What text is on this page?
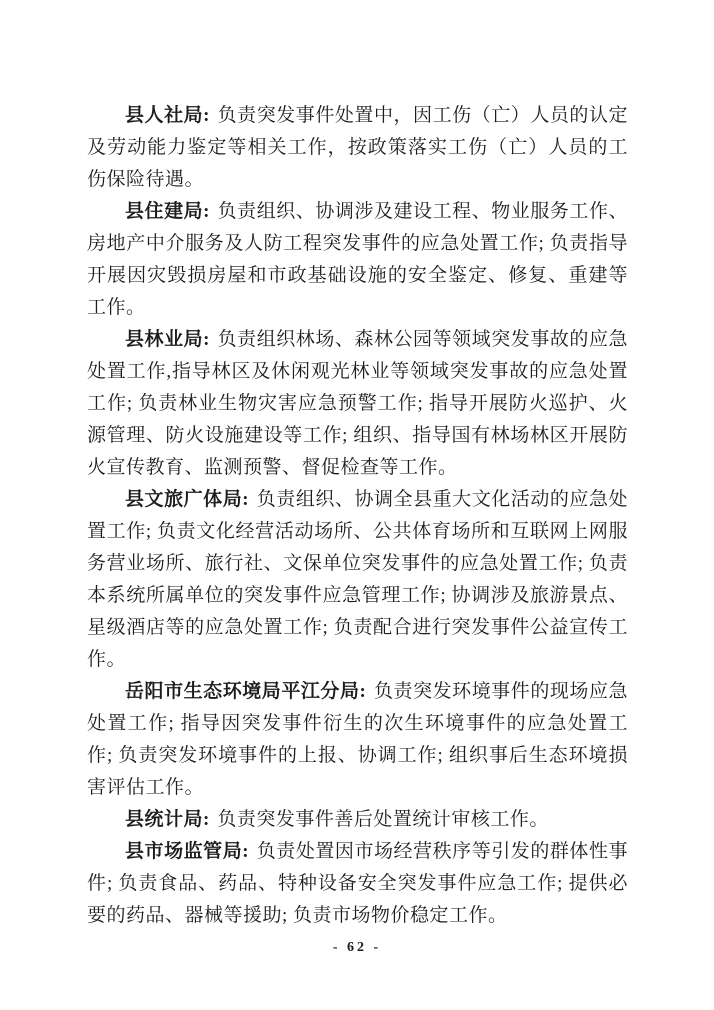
县人社局: 负责突发事件处置中，因工伤（亡）人员的认定及劳动能力鉴定等相关工作，按政策落实工伤（亡）人员的工伤保险待遇。

县住建局: 负责组织、协调涉及建设工程、物业服务工作、房地产中介服务及人防工程突发事件的应急处置工作; 负责指导开展因灾毁损房屋和市政基础设施的安全鉴定、修复、重建等工作。

县林业局: 负责组织林场、森林公园等领域突发事故的应急处置工作,指导林区及休闲观光林业等领域突发事故的应急处置工作; 负责林业生物灾害应急预警工作; 指导开展防火巡护、火源管理、防火设施建设等工作; 组织、指导国有林场林区开展防火宣传教育、监测预警、督促检查等工作。

县文旅广体局: 负责组织、协调全县重大文化活动的应急处置工作; 负责文化经营活动场所、公共体育场所和互联网上网服务营业场所、旅行社、文保单位突发事件的应急处置工作; 负责本系统所属单位的突发事件应急管理工作; 协调涉及旅游景点、星级酒店等的应急处置工作; 负责配合进行突发事件公益宣传工作。

岳阳市生态环境局平江分局: 负责突发环境事件的现场应急处置工作; 指导因突发事件衍生的次生环境事件的应急处置工作; 负责突发环境事件的上报、协调工作; 组织事后生态环境损害评估工作。

县统计局: 负责突发事件善后处置统计审核工作。

县市场监管局: 负责处置因市场经营秩序等引发的群体性事件; 负责食品、药品、特种设备安全突发事件应急工作; 提供必要的药品、器械等援助; 负责市场物价稳定工作。

- 62 -
